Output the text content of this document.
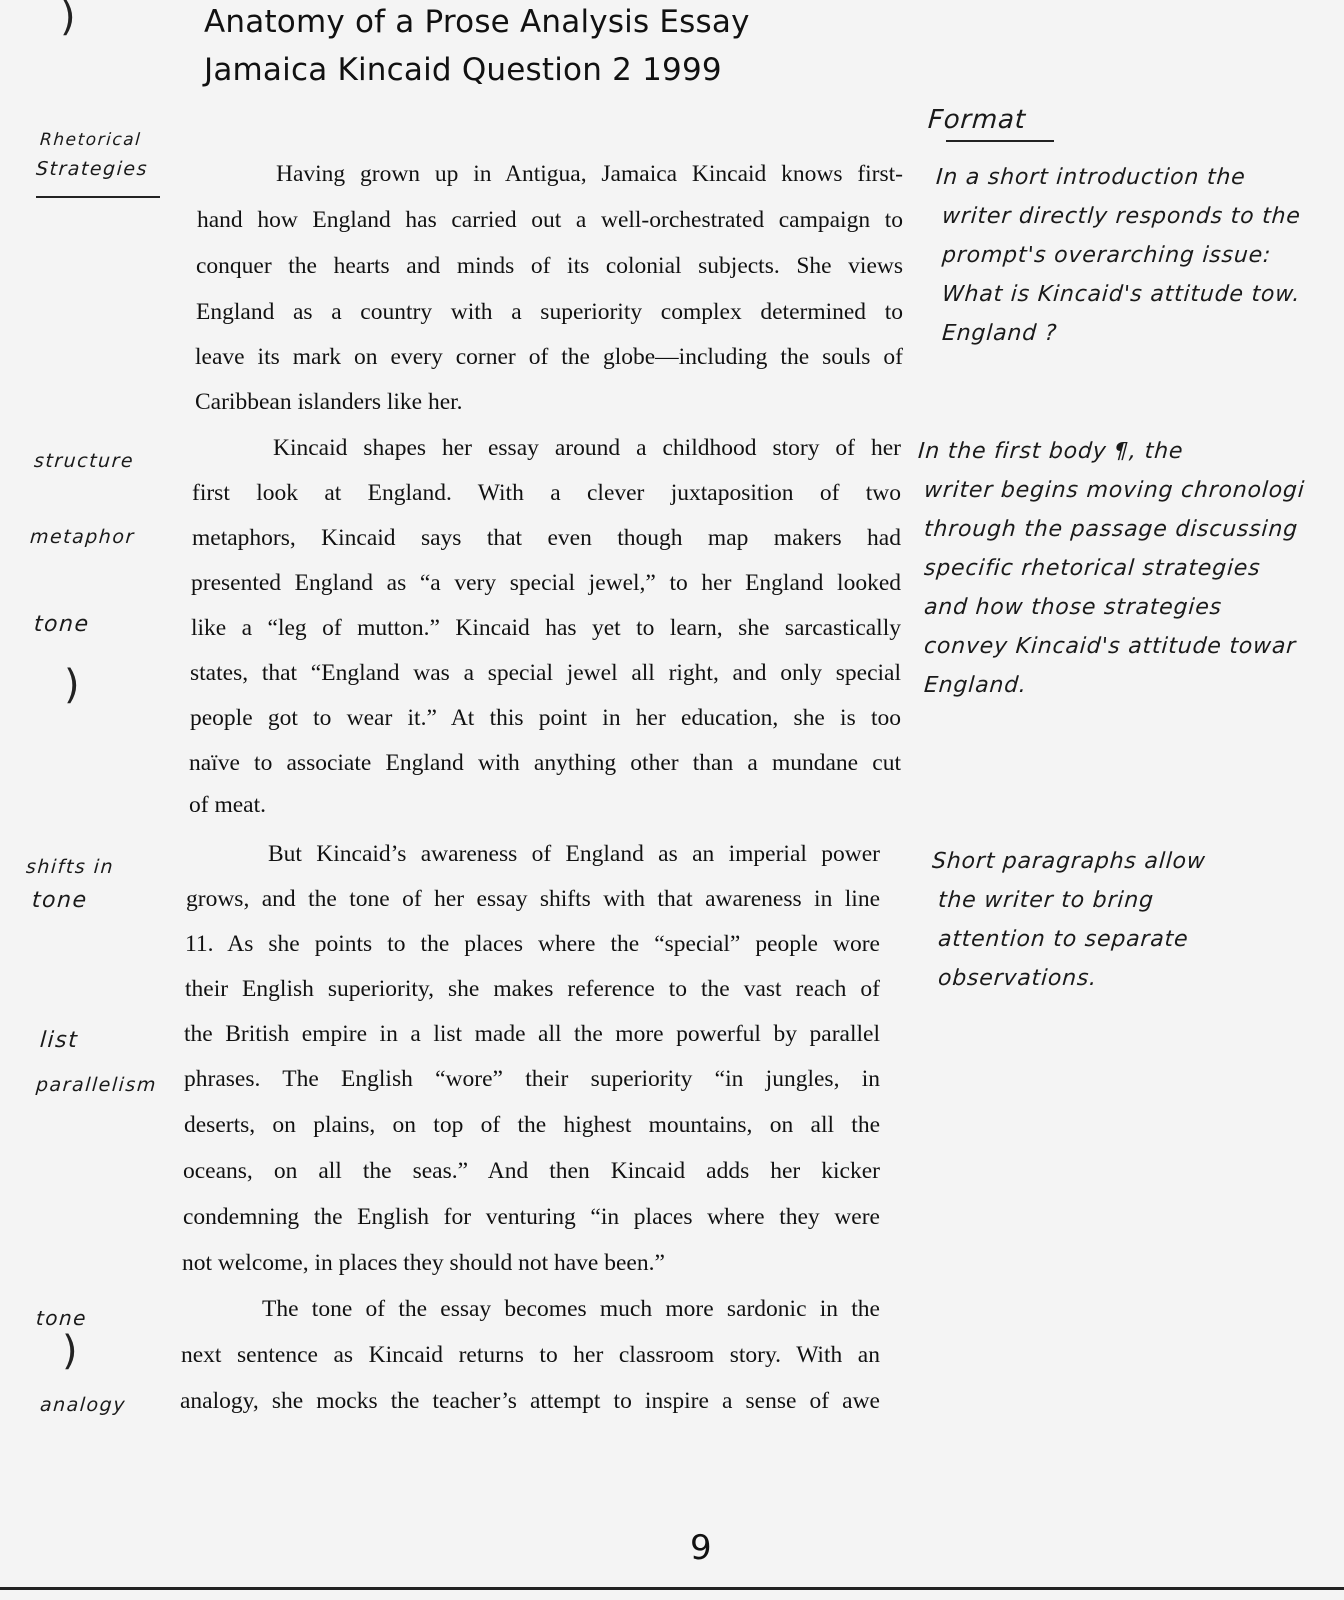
)	Anatomy of a Prose Analysis Essay
Jamaica Kincaid Question 2 1999
Rhetorical
Strategies
structure
metaphor
tone
)
shifts in
tone
list
parallelism
tone
)
analogy
Format
In a short introduction the
writer directly responds to the
prompt's overarching issue:
What is Kincaid's attitude tow.
England ?
In the first body ¶, the
writer begins moving chronologi
through the passage discussing
specific rhetorical strategies
and how those strategies
convey Kincaid's attitude towar
England.
Short paragraphs allow
the writer to bring
attention to separate
observations.
Having grown up in Antigua, Jamaica Kincaid knows first-
hand how England has carried out a well-orchestrated campaign to
conquer the hearts and minds of its colonial subjects. She views
England as a country with a superiority complex determined to
leave its mark on every corner of the globe—including the souls of
Caribbean islanders like her.
Kincaid shapes her essay around a childhood story of her
first look at England. With a clever juxtaposition of two
metaphors, Kincaid says that even though map makers had
presented England as “a very special jewel,” to her England looked
like a “leg of mutton.” Kincaid has yet to learn, she sarcastically
states, that “England was a special jewel all right, and only special
people got to wear it.” At this point in her education, she is too
naïve to associate England with anything other than a mundane cut
of meat.
But Kincaid’s awareness of England as an imperial power
grows, and the tone of her essay shifts with that awareness in line
11. As she points to the places where the “special” people wore
their English superiority, she makes reference to the vast reach of
the British empire in a list made all the more powerful by parallel
phrases. The English “wore” their superiority “in jungles, in
deserts, on plains, on top of the highest mountains, on all the
oceans, on all the seas.” And then Kincaid adds her kicker
condemning the English for venturing “in places where they were
not welcome, in places they should not have been.”
The tone of the essay becomes much more sardonic in the
next sentence as Kincaid returns to her classroom story. With an
analogy, she mocks the teacher’s attempt to inspire a sense of awe
9
